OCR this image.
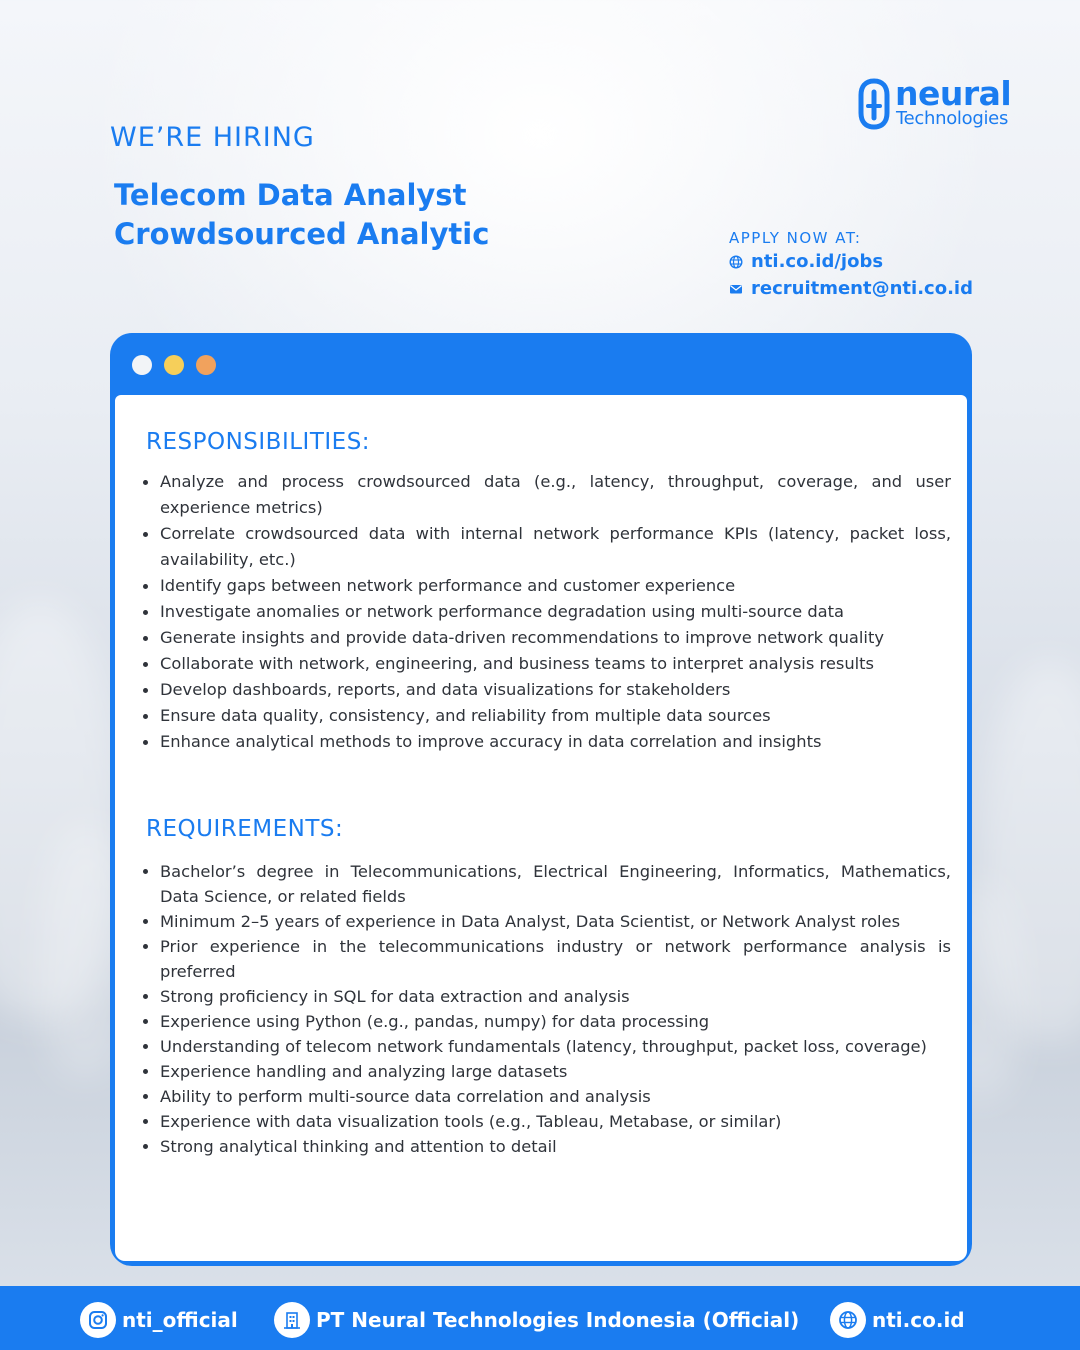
neural
Technologies
WE’RE HIRING
Telecom Data Analyst
Crowdsourced Analytic	APPLY NOW AT:
nti.co.id/jobs
recruitment@nti.co.id
RESPONSIBILITIES:
Analyze and process crowdsourced data (e.g., latency, throughput, coverage, and user experience metrics)
Correlate crowdsourced data with internal network performance KPIs (latency, packet loss, availability, etc.)
Identify gaps between network performance and customer experience
Investigate anomalies or network performance degradation using multi-source data
Generate insights and provide data-driven recommendations to improve network quality
Collaborate with network, engineering, and business teams to interpret analysis results
Develop dashboards, reports, and data visualizations for stakeholders
Ensure data quality, consistency, and reliability from multiple data sources
Enhance analytical methods to improve accuracy in data correlation and insights
REQUIREMENTS:
Bachelor’s degree in Telecommunications, Electrical Engineering, Informatics, Mathematics, Data Science, or related fields
Minimum 2–5 years of experience in Data Analyst, Data Scientist, or Network Analyst roles
Prior experience in the telecommunications industry or network performance analysis is preferred
Strong proficiency in SQL for data extraction and analysis
Experience using Python (e.g., pandas, numpy) for data processing
Understanding of telecom network fundamentals (latency, throughput, packet loss, coverage)
Experience handling and analyzing large datasets
Ability to perform multi-source data correlation and analysis
Experience with data visualization tools (e.g., Tableau, Metabase, or similar)
Strong analytical thinking and attention to detail
nti_official	PT Neural Technologies Indonesia (Official)	nti.co.id
